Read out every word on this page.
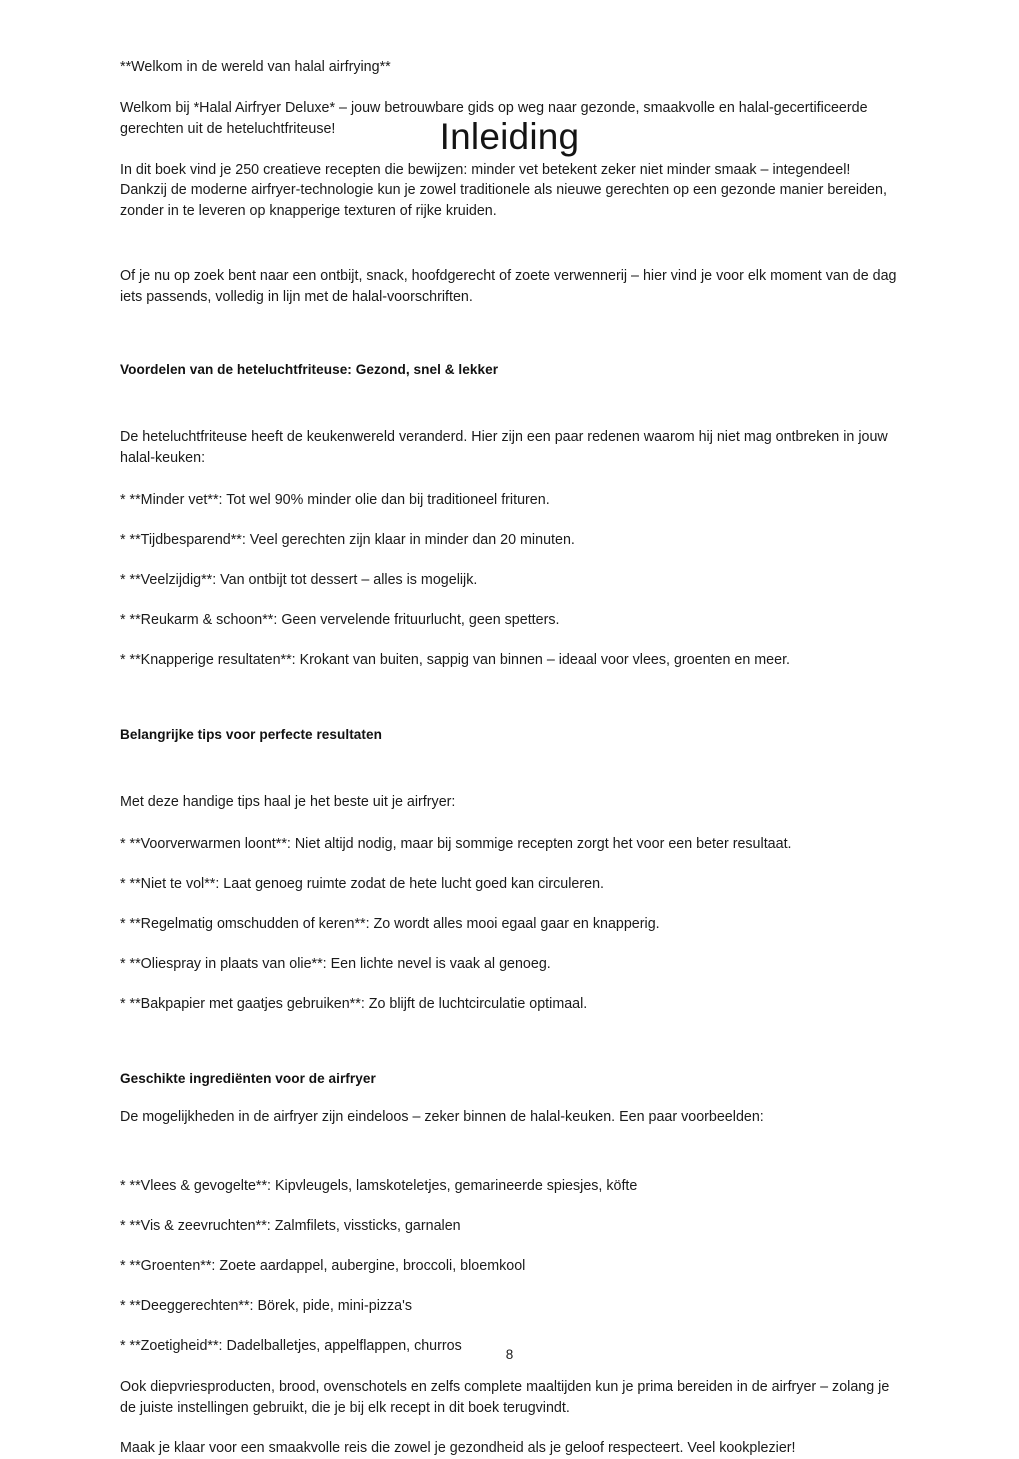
Inleiding

**Welkom in de wereld van halal airfrying**

Welkom bij *Halal Airfryer Deluxe* – jouw betrouwbare gids op weg naar gezonde, smaakvolle en halal-gecertificeerde gerechten uit de heteluchtfriteuse!

In dit boek vind je 250 creatieve recepten die bewijzen: minder vet betekent zeker niet minder smaak – integendeel! Dankzij de moderne airfryer-technologie kun je zowel traditionele als nieuwe gerechten op een gezonde manier bereiden, zonder in te leveren op knapperige texturen of rijke kruiden.

Of je nu op zoek bent naar een ontbijt, snack, hoofdgerecht of zoete verwennerij – hier vind je voor elk moment van de dag iets passends, volledig in lijn met de halal-voorschriften.

Voordelen van de heteluchtfriteuse: Gezond, snel & lekker

De heteluchtfriteuse heeft de keukenwereld veranderd. Hier zijn een paar redenen waarom hij niet mag ontbreken in jouw halal-keuken:

* **Minder vet**: Tot wel 90% minder olie dan bij traditioneel frituren.

* **Tijdbesparend**: Veel gerechten zijn klaar in minder dan 20 minuten.

* **Veelzijdig**: Van ontbijt tot dessert – alles is mogelijk.

* **Reukarm & schoon**: Geen vervelende frituurlucht, geen spetters.

* **Knapperige resultaten**: Krokant van buiten, sappig van binnen – ideaal voor vlees, groenten en meer.

Belangrijke tips voor perfecte resultaten

Met deze handige tips haal je het beste uit je airfryer:

* **Voorverwarmen loont**: Niet altijd nodig, maar bij sommige recepten zorgt het voor een beter resultaat.

* **Niet te vol**: Laat genoeg ruimte zodat de hete lucht goed kan circuleren.

* **Regelmatig omschudden of keren**: Zo wordt alles mooi egaal gaar en knapperig.

* **Oliespray in plaats van olie**: Een lichte nevel is vaak al genoeg.

* **Bakpapier met gaatjes gebruiken**: Zo blijft de luchtcirculatie optimaal.

Geschikte ingrediënten voor de airfryer

De mogelijkheden in de airfryer zijn eindeloos – zeker binnen de halal-keuken. Een paar voorbeelden:

* **Vlees & gevogelte**: Kipvleugels, lamskoteletjes, gemarineerde spiesjes, köfte

* **Vis & zeevruchten**: Zalmfilets, vissticks, garnalen

* **Groenten**: Zoete aardappel, aubergine, broccoli, bloemkool

* **Deeggerechten**: Börek, pide, mini-pizza's

* **Zoetigheid**: Dadelballetjes, appelflappen, churros

Ook diepvriesproducten, brood, ovenschotels en zelfs complete maaltijden kun je prima bereiden in de airfryer – zolang je de juiste instellingen gebruikt, die je bij elk recept in dit boek terugvindt.

Maak je klaar voor een smaakvolle reis die zowel je gezondheid als je geloof respecteert. Veel kookplezier!

8
